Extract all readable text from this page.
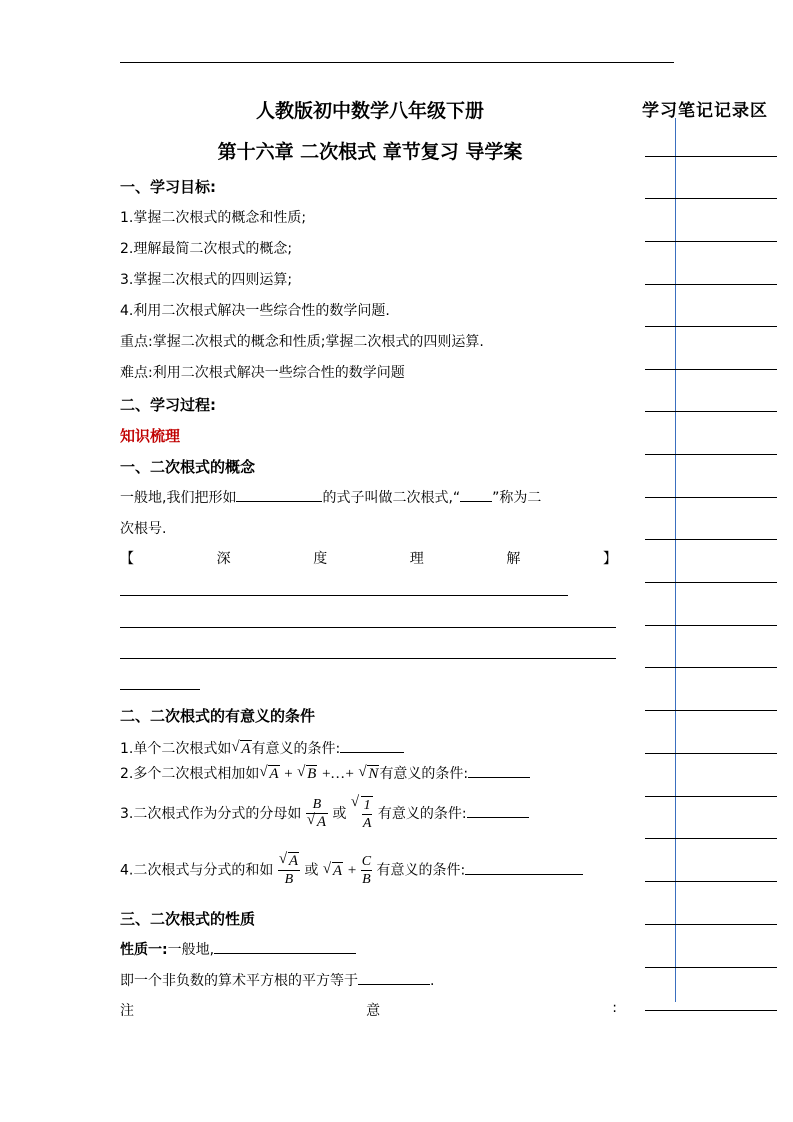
人教版初中数学八年级下册
第十六章 二次根式 章节复习 导学案
学习笔记记录区
一、学习目标:
1.掌握二次根式的概念和性质;
2.理解最简二次根式的概念;
3.掌握二次根式的四则运算;
4.利用二次根式解决一些综合性的数学问题.
重点:掌握二次根式的概念和性质;掌握二次根式的四则运算.
难点:利用二次根式解决一些综合性的数学问题
二、学习过程:
知识梳理
一、二次根式的概念
一般地,我们把形如	的式子叫做二次根式,“ ”称为二
次根号.
【	深	度	理	解	】
二、二次根式的有意义的条件
1.单个二次根式如 √ A有意义的条件:
2.多个二次根式相加如 √ A + √ B +…+ √ N有意义的条件:
3.二次根式作为分式的分母如 B
√ A 或 √ $\frac{1}{A}$ 有意义的条件:
4.二次根式与分式的和如 √ $\frac{A}{B}$ 或 √ $A + \frac{C}{B}$ 有意义的条件:
三、二次根式的性质
性质一:一般地,
即一个非负数的算术平方根的平方等于	.
注	意	:
